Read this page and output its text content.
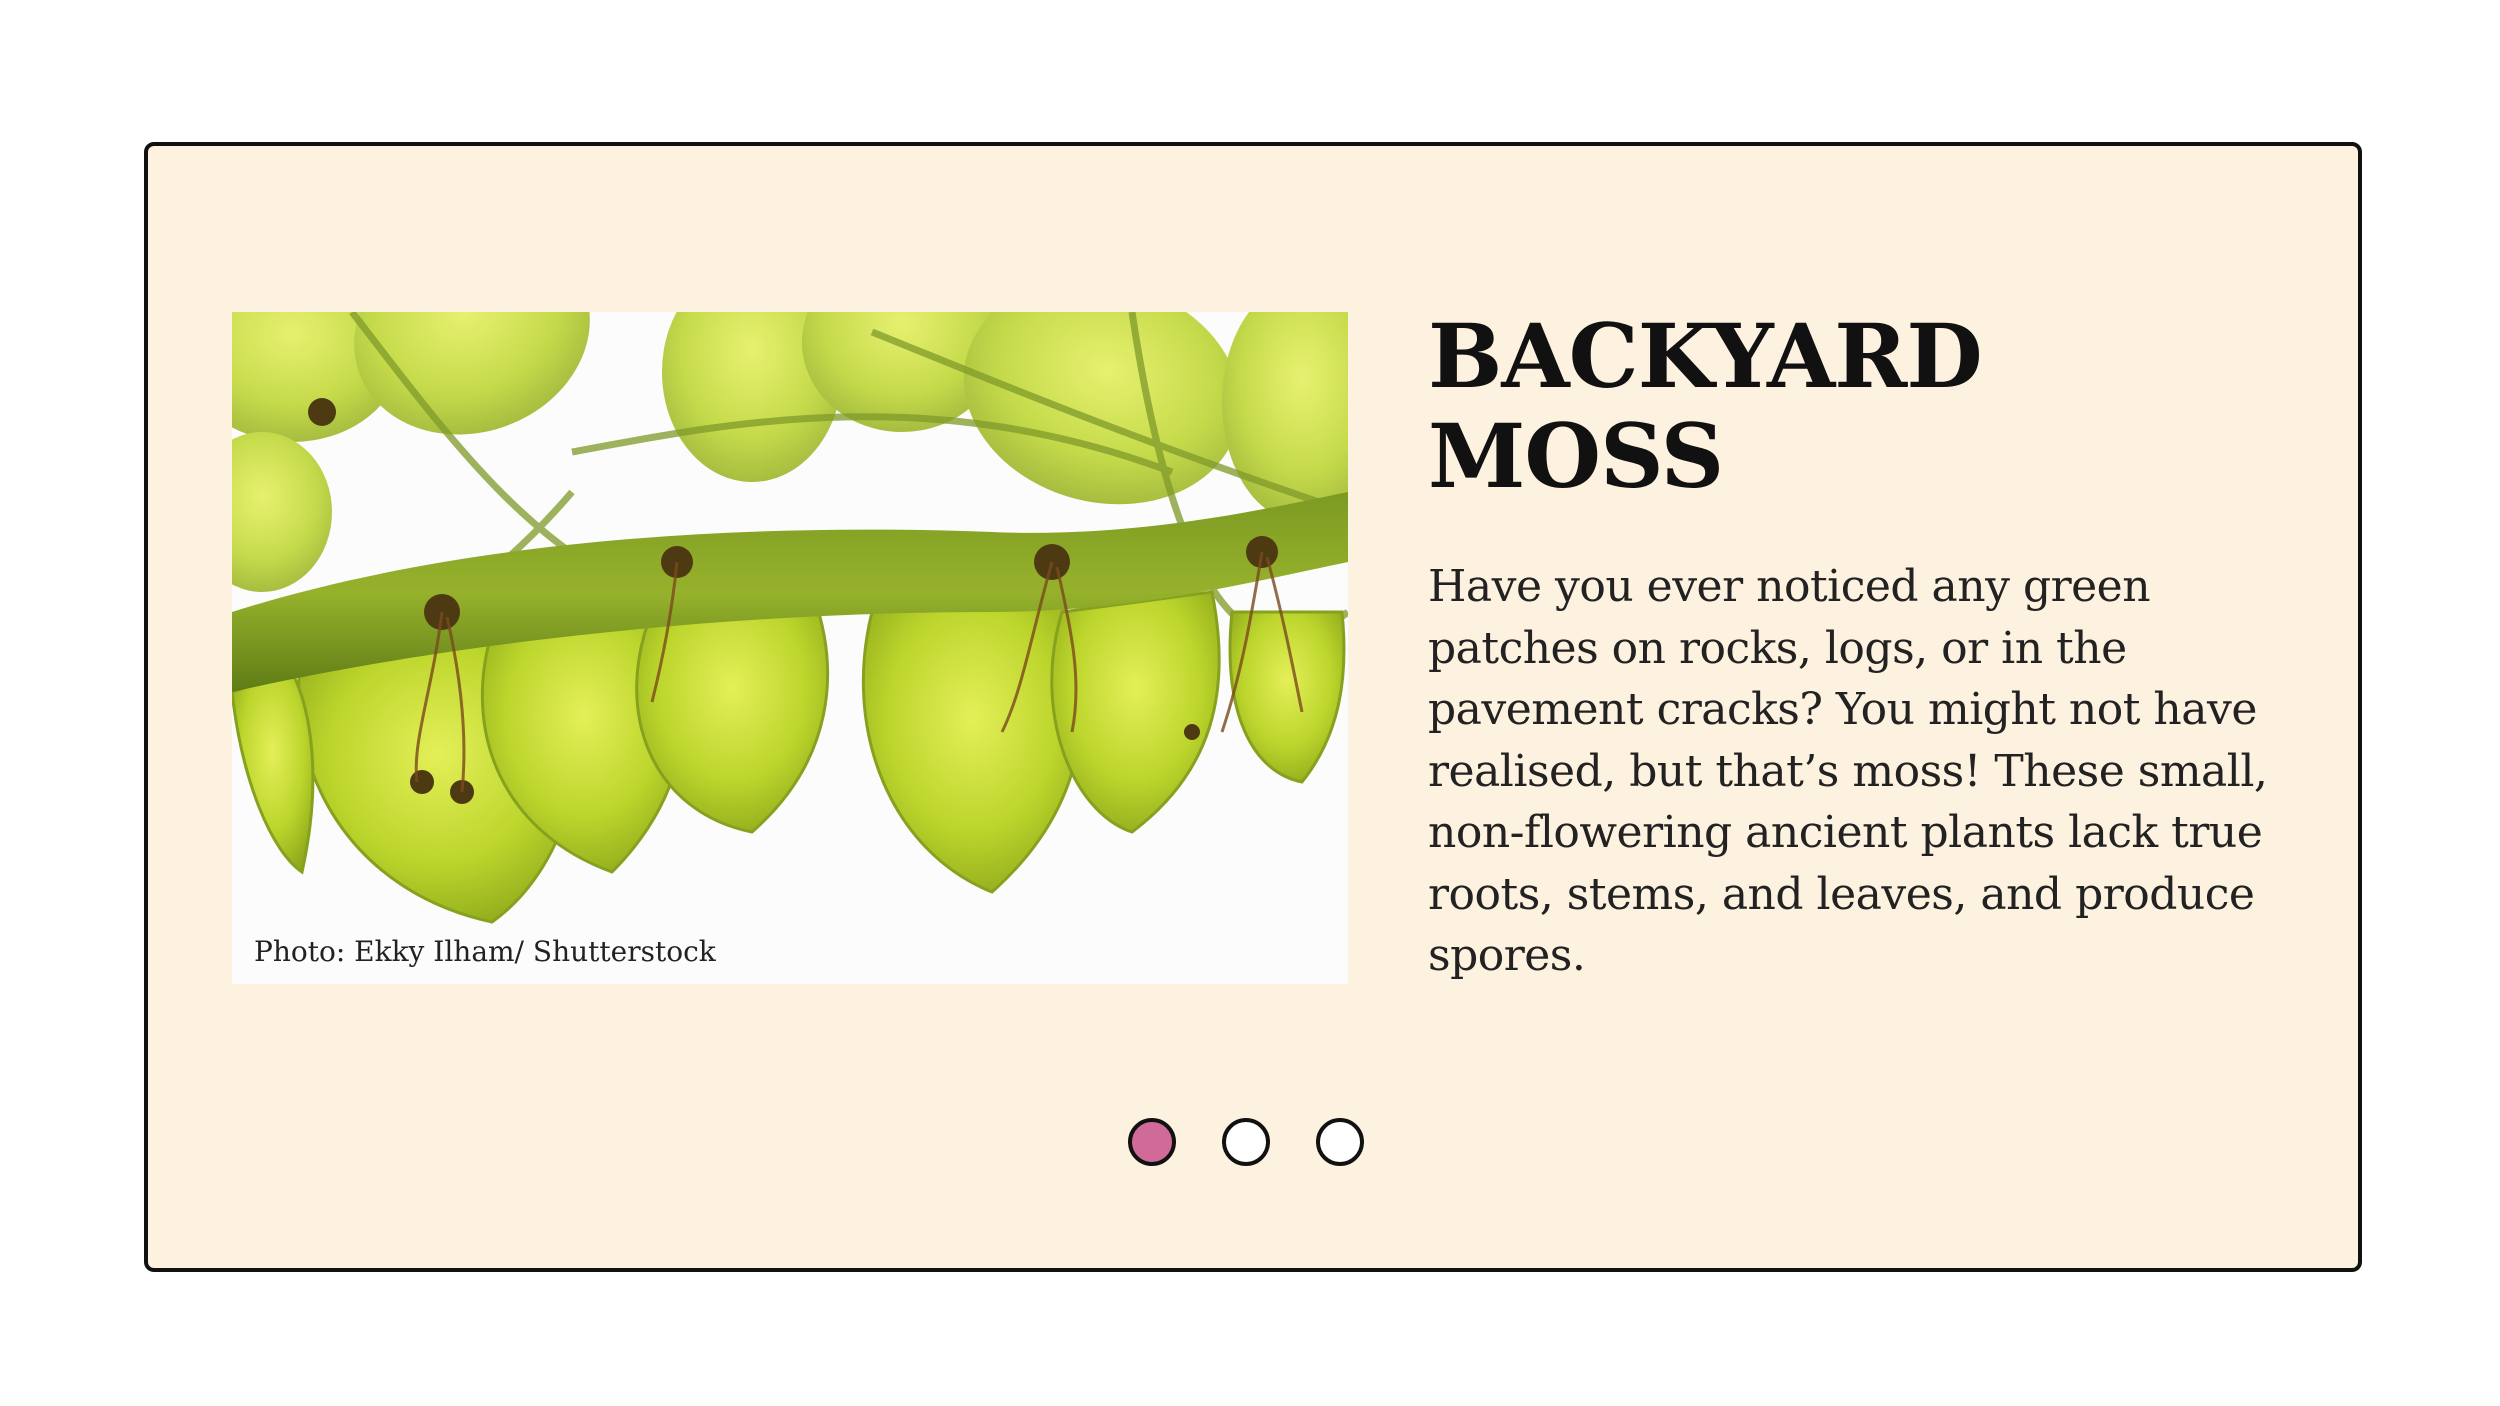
Photo: Ekky Ilham/ Shutterstock
BACKYARD MOSS

Have you ever noticed any green patches on rocks, logs, or in the pavement cracks? You might not have realised, but that’s moss! These small, non-flowering ancient plants lack true roots, stems, and leaves, and produce spores.
